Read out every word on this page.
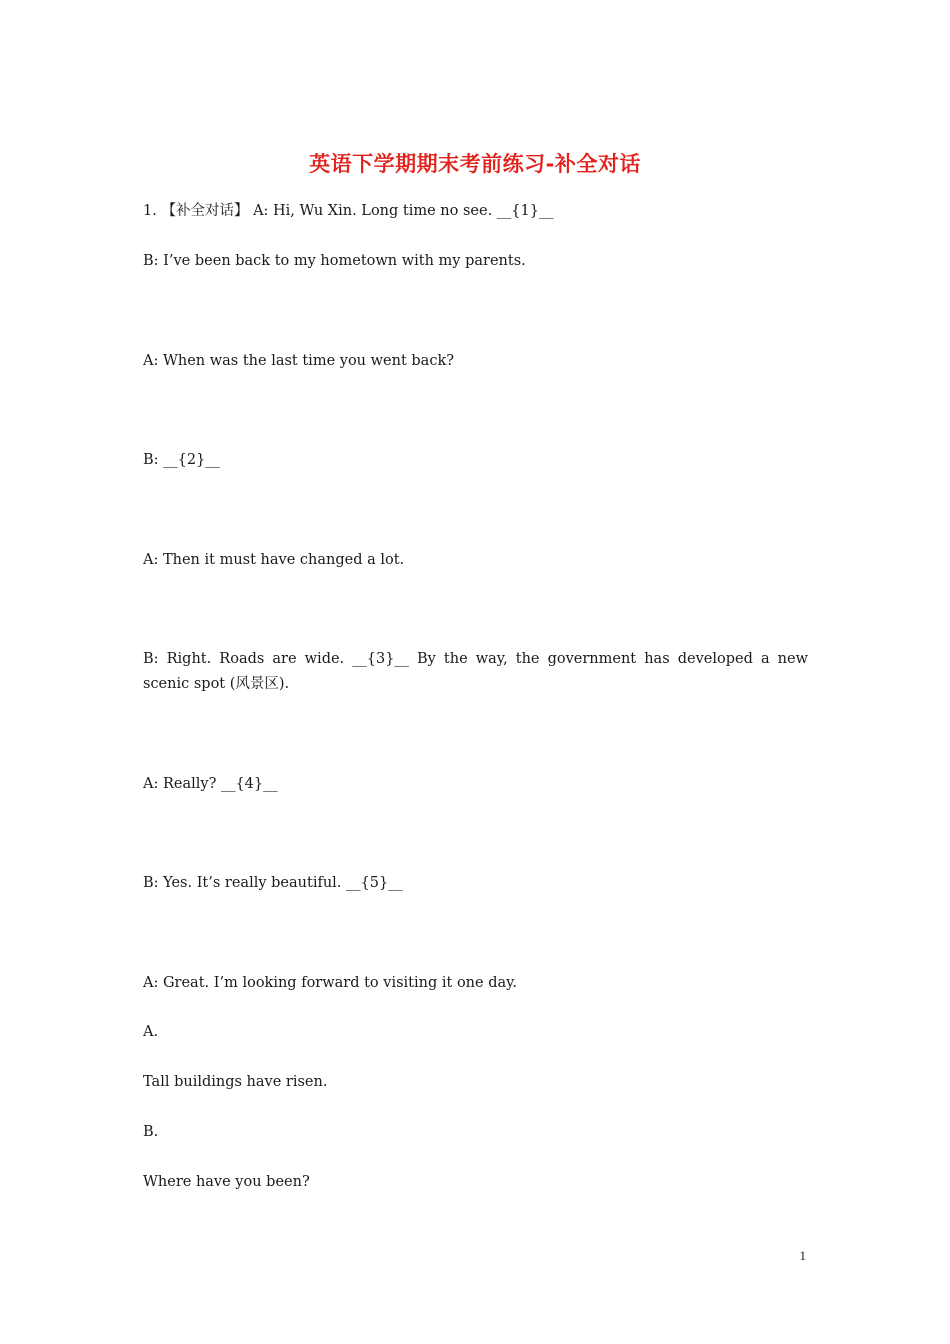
英语下学期期末考前练习-补全对话
1. 【补全对话】 A: Hi, Wu Xin. Long time no see. __{1}__
B: I’ve been back to my hometown with my parents.
A: When was the last time you went back?
B: __{2}__
A: Then it must have changed a lot.
B: Right. Roads are wide. __{3}__ By the way, the government has developed a new scenic spot (风景区).
A: Really? __{4}__
B: Yes. It’s really beautiful. __{5}__
A: Great. I’m looking forward to visiting it one day.
A.
Tall buildings have risen.
B.
Where have you been?
1
